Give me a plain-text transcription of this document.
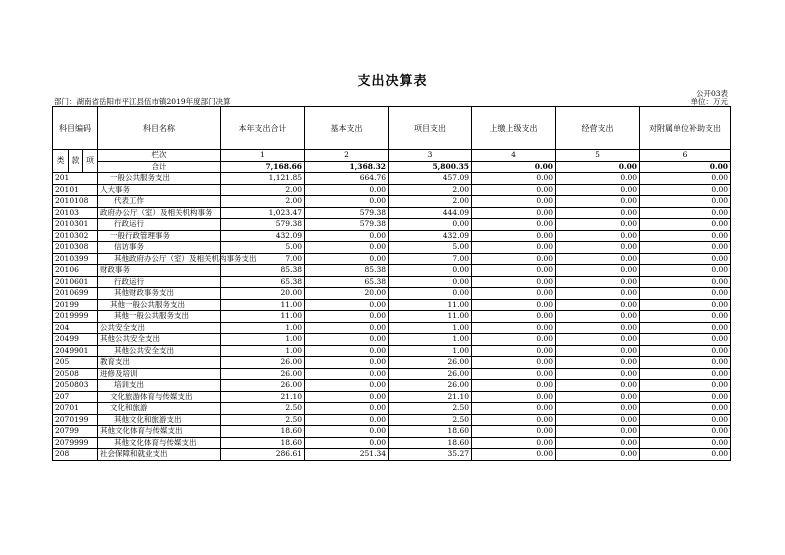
支出决算表
公开03表
部门：湖南省岳阳市平江县伍市镇2019年度部门决算	单位：万元
科目编码			科目名称	本年支出合计	基本支出	项目支出	上缴上级支出	经营支出	对附属单位补助支出
类	款	项	栏次	1	2	3	4	5	6
			合计	7,168.66	1,368.32	5,800.35	0.00	0.00	0.00
201			一般公共服务支出	1,121.85	664.76	457.09	0.00	0.00	0.00
20101			人大事务	2.00	0.00	2.00	0.00	0.00	0.00
2010108			代表工作	2.00	0.00	2.00	0.00	0.00	0.00
20103			政府办公厅（室）及相关机构事务	1,023.47	579.38	444.09	0.00	0.00	0.00
2010301			行政运行	579.38	579.38	0.00	0.00	0.00	0.00
2010302			一般行政管理事务	432.09	0.00	432.09	0.00	0.00	0.00
2010308			信访事务	5.00	0.00	5.00	0.00	0.00	0.00
2010399			其他政府办公厅（室）及相关机构事务支出	7.00	0.00	7.00	0.00	0.00	0.00
20106			财政事务	85.38	85.38	0.00	0.00	0.00	0.00
2010601			行政运行	65.38	65.38	0.00	0.00	0.00	0.00
2010699			其他财政事务支出	20.00	20.00	0.00	0.00	0.00	0.00
20199			其他一般公共服务支出	11.00	0.00	11.00	0.00	0.00	0.00
2019999			其他一般公共服务支出	11.00	0.00	11.00	0.00	0.00	0.00
204			公共安全支出	1.00	0.00	1.00	0.00	0.00	0.00
20499			其他公共安全支出	1.00	0.00	1.00	0.00	0.00	0.00
2049901			其他公共安全支出	1.00	0.00	1.00	0.00	0.00	0.00
205			教育支出	26.00	0.00	26.00	0.00	0.00	0.00
20508			进修及培训	26.00	0.00	26.00	0.00	0.00	0.00
2050803			培训支出	26.00	0.00	26.00	0.00	0.00	0.00
207			文化旅游体育与传媒支出	21.10	0.00	21.10	0.00	0.00	0.00
20701			文化和旅游	2.50	0.00	2.50	0.00	0.00	0.00
2070199			其他文化和旅游支出	2.50	0.00	2.50	0.00	0.00	0.00
20799			其他文化体育与传媒支出	18.60	0.00	18.60	0.00	0.00	0.00
2079999			其他文化体育与传媒支出	18.60	0.00	18.60	0.00	0.00	0.00
208			社会保障和就业支出	286.61	251.34	35.27	0.00	0.00	0.00
